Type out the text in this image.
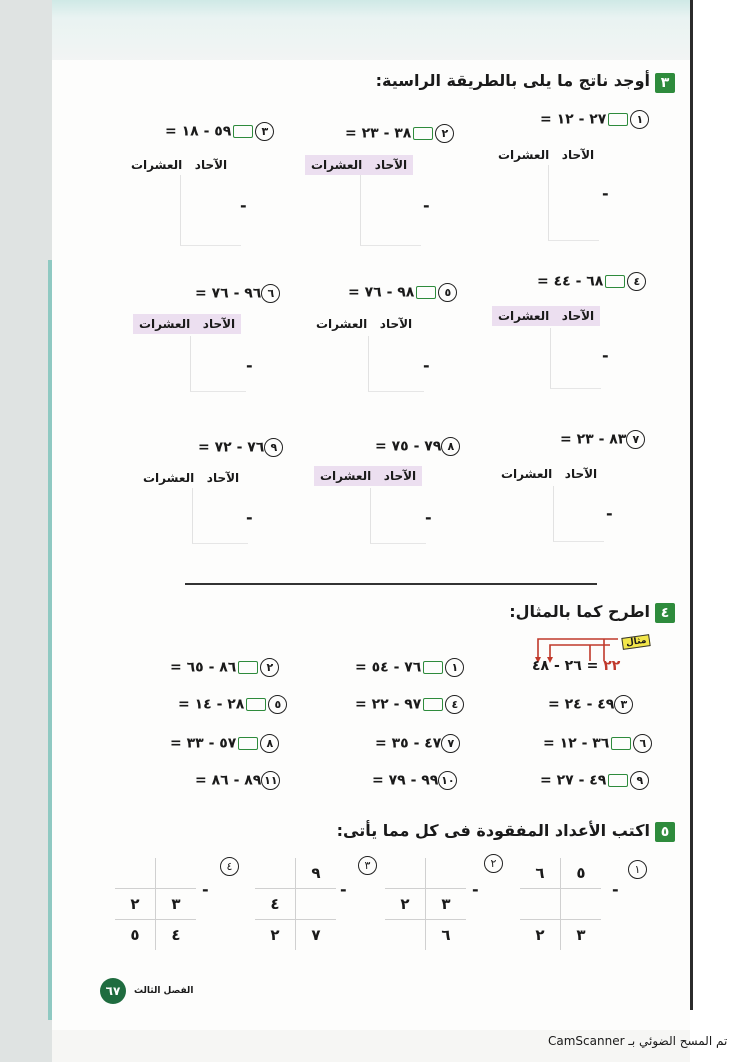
٣
أوجد ناتج ما يلى بالطريقة الراسية:
١٢٧ - ١٢ =
٢٣٨ - ٢٣ =
٣٥٩ - ١٨ =
الآحاد   العشرات
الآحاد   العشرات
الآحاد   العشرات
-
-
-
٤٦٨ - ٤٤ =
٥٩٨ - ٧٦ =
٦٩٦ - ٧٦ =
الآحاد   العشرات
الآحاد   العشرات
الآحاد   العشرات
-
-
-
٧٨٣ - ٢٣ =
٨٧٩ - ٧٥ =
٩٧٦ - ٧٢ =
الآحاد   العشرات
الآحاد   العشرات
الآحاد   العشرات
-
-
-
٤
اطرح كما بالمثال:
مثال
٢٢ = ٢٦ - ٤٨
١٧٦ - ٥٤ =
٢٨٦ - ٦٥ =
٣٤٩ - ٢٤ =
٤٩٧ - ٢٢ =
٥٢٨ - ١٤ =
٦٣٦ - ١٢ =
٧٤٧ - ٣٥ =
٨٥٧ - ٣٣ =
٩٤٩ - ٢٧ =
١٠٩٩ - ٧٩ =
١١٨٩ - ٨٦ =
٥
اكتب الأعداد المفقودة فى كل مما يأتى:
١
-
٦	٥

٢	٣
٢
-

٢	٣
	٦
٣
-
	٩
٤	
٢	٧
٤
-

٢	٣
٥	٤
٦٧	الفصل الثالث
تم المسح الضوئي بـ CamScanner
